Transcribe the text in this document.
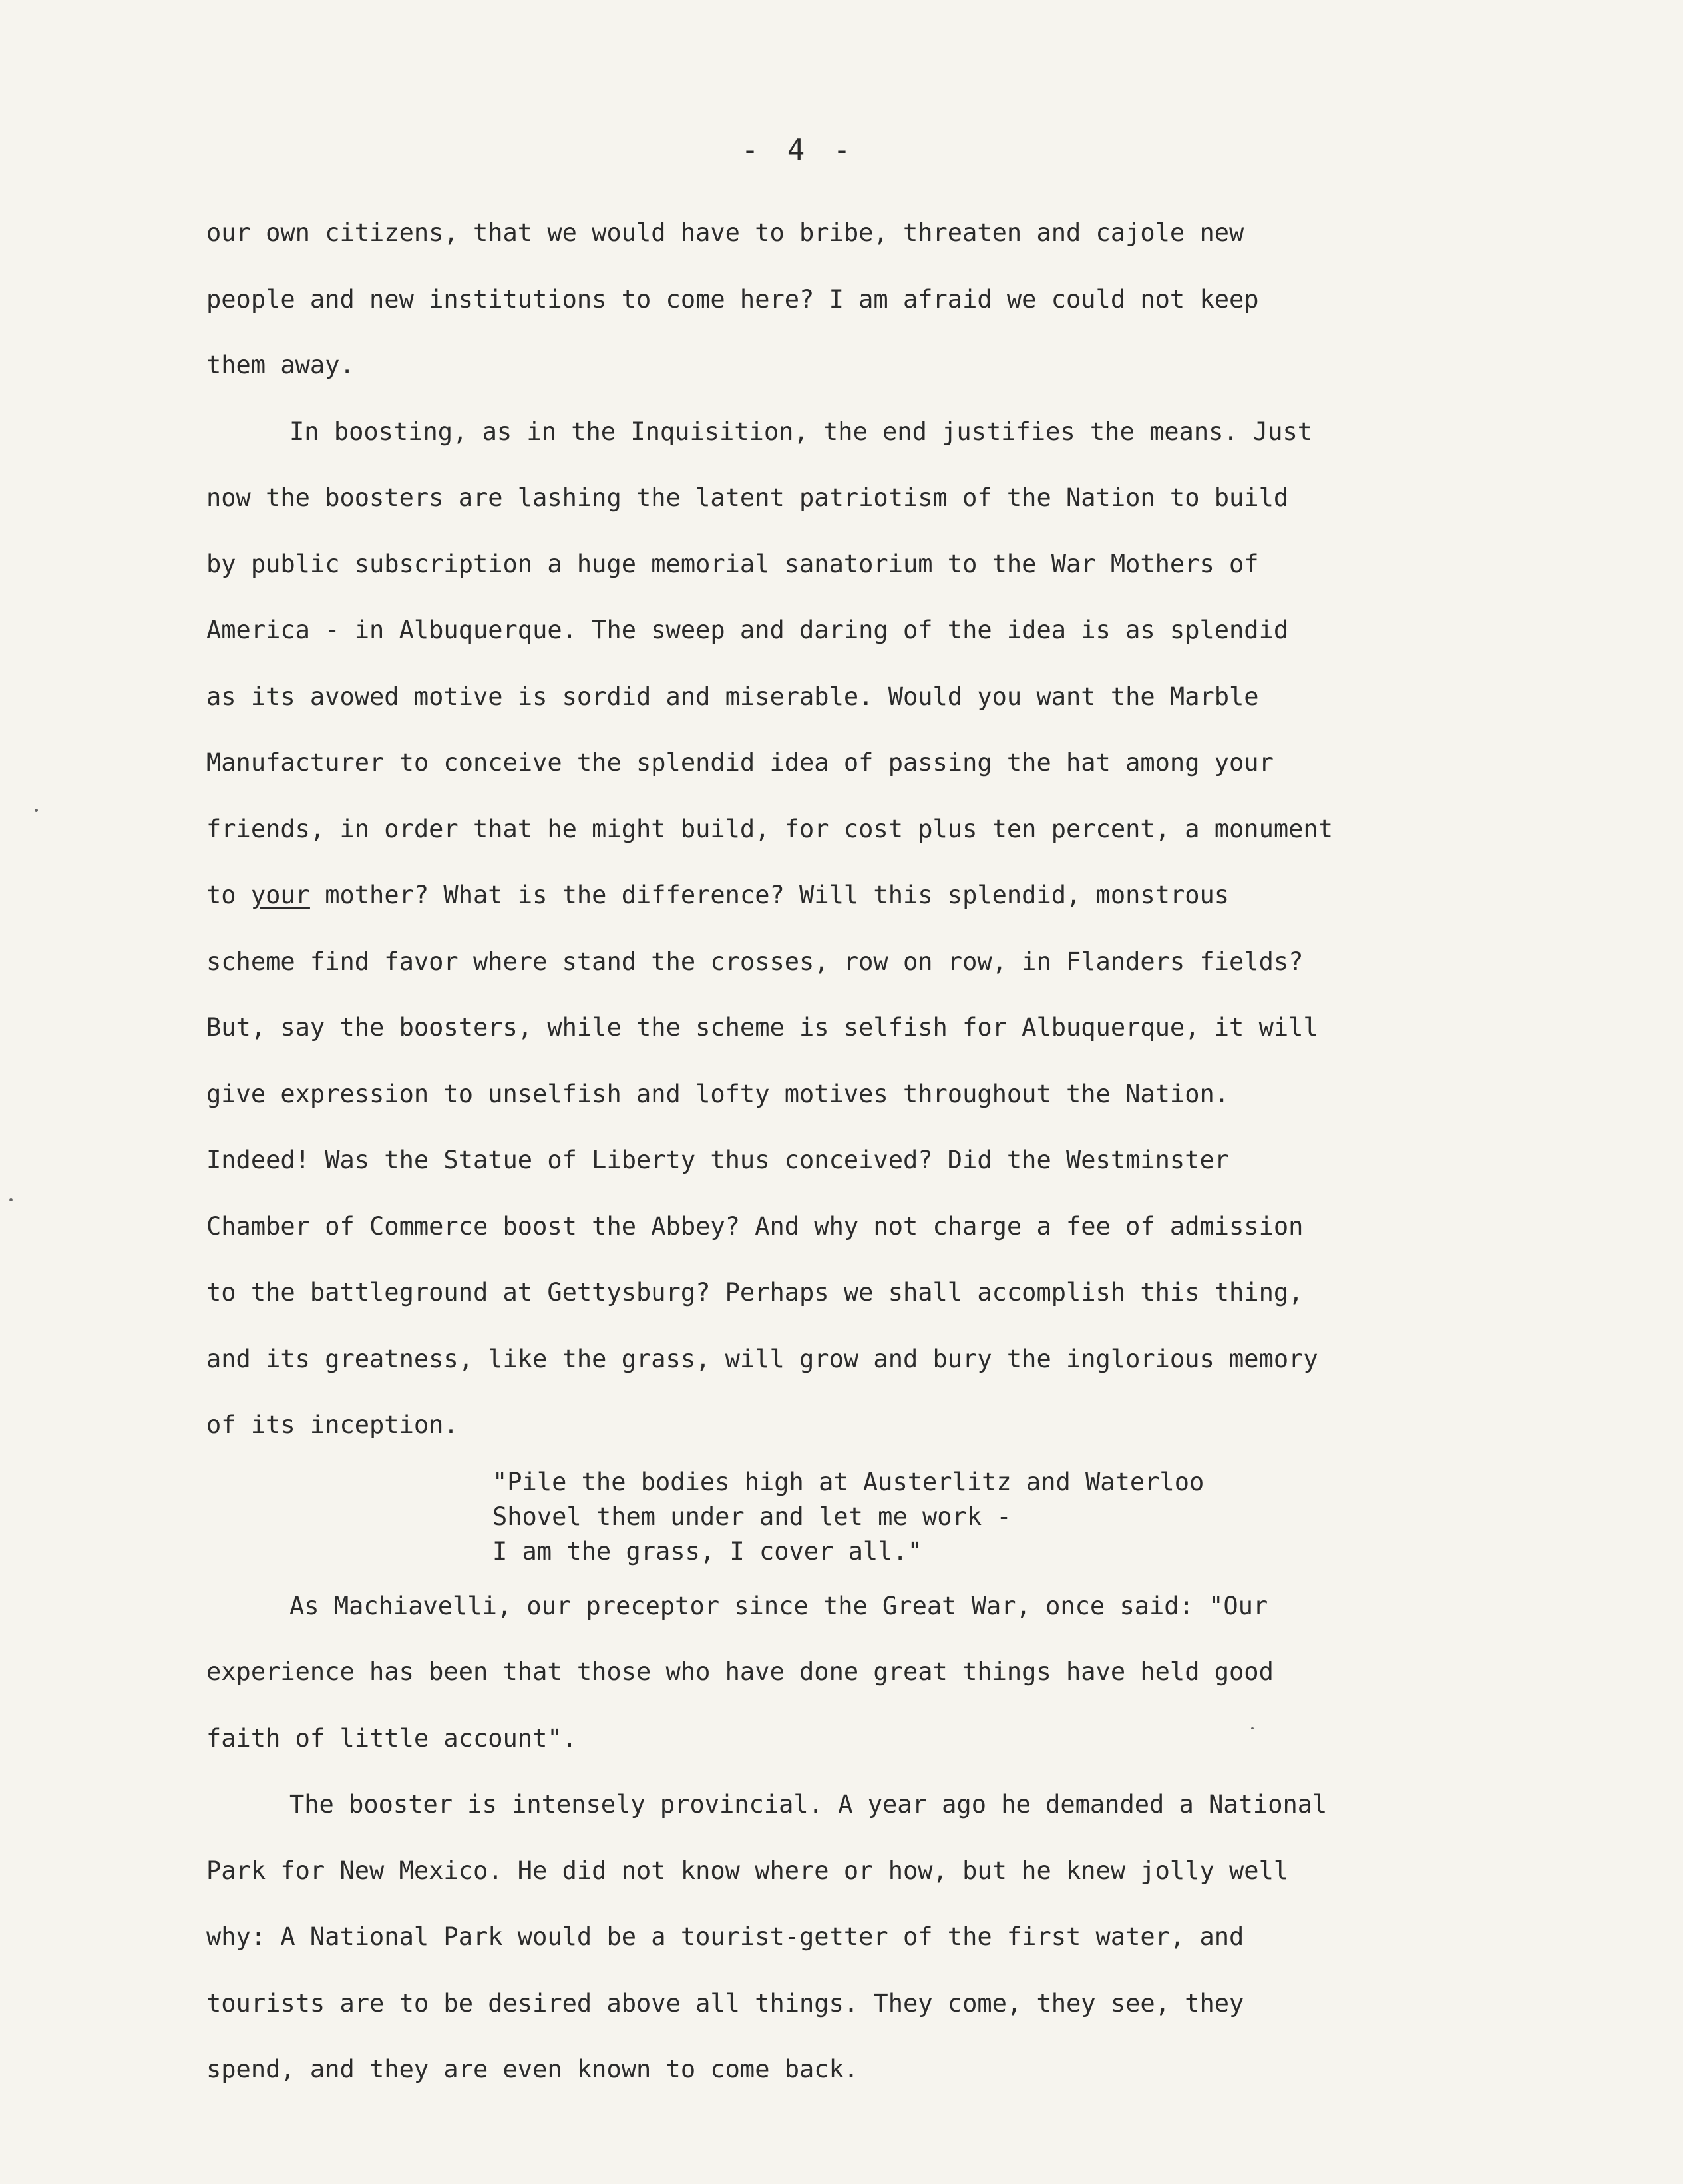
- 4 -

our own citizens, that we would have to bribe, threaten and cajole new
people and new institutions to come here? I am afraid we could not keep
them away.

In boosting, as in the Inquisition, the end justifies the means. Just
now the boosters are lashing the latent patriotism of the Nation to build
by public subscription a huge memorial sanatorium to the War Mothers of
America - in Albuquerque. The sweep and daring of the idea is as splendid
as its avowed motive is sordid and miserable. Would you want the Marble
Manufacturer to conceive the splendid idea of passing the hat among your
friends, in order that he might build, for cost plus ten percent, a monument
to your mother? What is the difference? Will this splendid, monstrous
scheme find favor where stand the crosses, row on row, in Flanders fields?
But, say the boosters, while the scheme is selfish for Albuquerque, it will
give expression to unselfish and lofty motives throughout the Nation.
Indeed! Was the Statue of Liberty thus conceived? Did the Westminster
Chamber of Commerce boost the Abbey? And why not charge a fee of admission
to the battleground at Gettysburg? Perhaps we shall accomplish this thing,
and its greatness, like the grass, will grow and bury the inglorious memory
of its inception.

"Pile the bodies high at Austerlitz and Waterloo
Shovel them under and let me work -
I am the grass, I cover all."

As Machiavelli, our preceptor since the Great War, once said: "Our
experience has been that those who have done great things have held good
faith of little account".

The booster is intensely provincial. A year ago he demanded a National
Park for New Mexico. He did not know where or how, but he knew jolly well
why: A National Park would be a tourist-getter of the first water, and
tourists are to be desired above all things. They come, they see, they
spend, and they are even known to come back.
